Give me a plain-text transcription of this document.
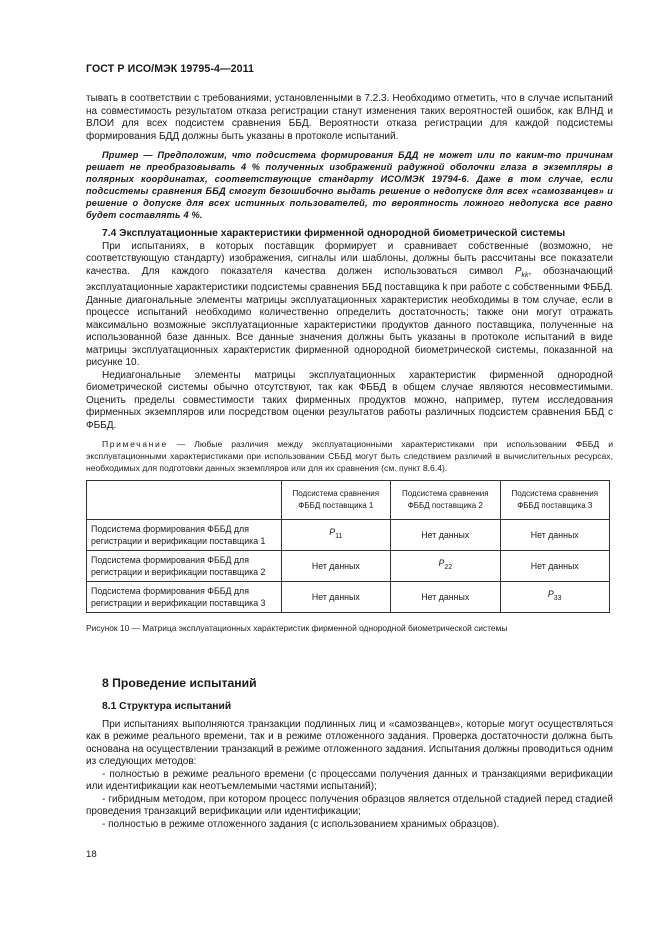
ГОСТ Р ИСО/МЭК 19795-4—2011

тывать в соответствии с требованиями, установленными в 7.2.3. Необходимо отметить, что в случае испытаний на совместимость результатом отказа регистрации станут изменения таких вероятностей ошибок, как ВЛНД и ВЛОИ для всех подсистем сравнения ББД. Вероятности отказа регистрации для каждой подсистемы формирования БДД должны быть указаны в протоколе испытаний.

Пример — Предположим, что подсистема формирования БДД не может или по каким-то причинам решает не преобразовывать 4 % полученных изображений радужной оболочки глаза в экземпляры в полярных координатах, соответствующие стандарту ИСО/МЭК 19794-6. Даже в том случае, если подсистемы сравнения ББД смогут безошибочно выдать решение о недопуске для всех «самозванцев» и решение о допуске для всех истинных пользователей, то вероятность ложного недопуска все равно будет составлять 4 %.

7.4 Эксплуатационные характеристики фирменной однородной биометрической системы

При испытаниях, в которых поставщик формирует и сравнивает собственные (возможно, не соответствующую стандарту) изображения, сигналы или шаблоны, должны быть рассчитаны все показатели качества. Для каждого показателя качества должен использоваться символ $P_{kk}$, обозначающий эксплуатационные характеристики подсистемы сравнения ББД поставщика k при работе с собственными ФББД. Данные диагональные элементы матрицы эксплуатационных характеристик необходимы в том случае, если в процессе испытаний необходимо количественно определить достаточность; также они могут отражать максимально возможные эксплуатационные характеристики продуктов данного поставщика, полученные на использованной базе данных. Все данные значения должны быть указаны в протоколе испытаний в виде матрицы эксплуатационных характеристик фирменной однородной биометрической системы, показанной на рисунке 10.

Недиагональные элементы матрицы эксплуатационных характеристик фирменной однородной биометрической системы обычно отсутствуют, так как ФББД в общем случае являются несовместимыми. Оценить пределы совместимости таких фирменных продуктов можно, например, путем исследования фирменных экземпляров или посредством оценки результатов работы различных подсистем сравнения ББД с ФББД.

Примечание — Любые различия между эксплуатационными характеристиками при использовании ФББД и эксплуатационными характеристиками при использовании СББД могут быть следствием различий в вычислительных ресурсах, необходимых для подготовки данных экземпляров или для их сравнения (см. пункт 8.6.4).

	Подсистема сравнения ФББД поставщика 1	Подсистема сравнения ФББД поставщика 2	Подсистема сравнения ФББД поставщика 3
Подсистема формирования ФББД для регистрации и верификации поставщика 1	$P_{11}$	Нет данных	Нет данных
Подсистема формирования ФББД для регистрации и верификации поставщика 2	Нет данных	$P_{22}$	Нет данных
Подсистема формирования ФББД для регистрации и верификации поставщика 3	Нет данных	Нет данных	$P_{33}$

Рисунок 10 — Матрица эксплуатационных характеристик фирменной однородной биометрической системы

8 Проведение испытаний

8.1 Структура испытаний

При испытаниях выполняются транзакции подлинных лиц и «самозванцев», которые могут осуществляться как в режиме реального времени, так и в режиме отложенного задания. Проверка достаточности должна быть основана на осуществлении транзакций в режиме отложенного задания. Испытания должны проводиться одним из следующих методов:

- полностью в режиме реального времени (с процессами получения данных и транзакциями верификации или идентификации как неотъемлемыми частями испытаний);

- гибридным методом, при котором процесс получения образцов является отдельной стадией перед стадией проведения транзакций верификации или идентификации;

- полностью в режиме отложенного задания (с использованием хранимых образцов).

18
